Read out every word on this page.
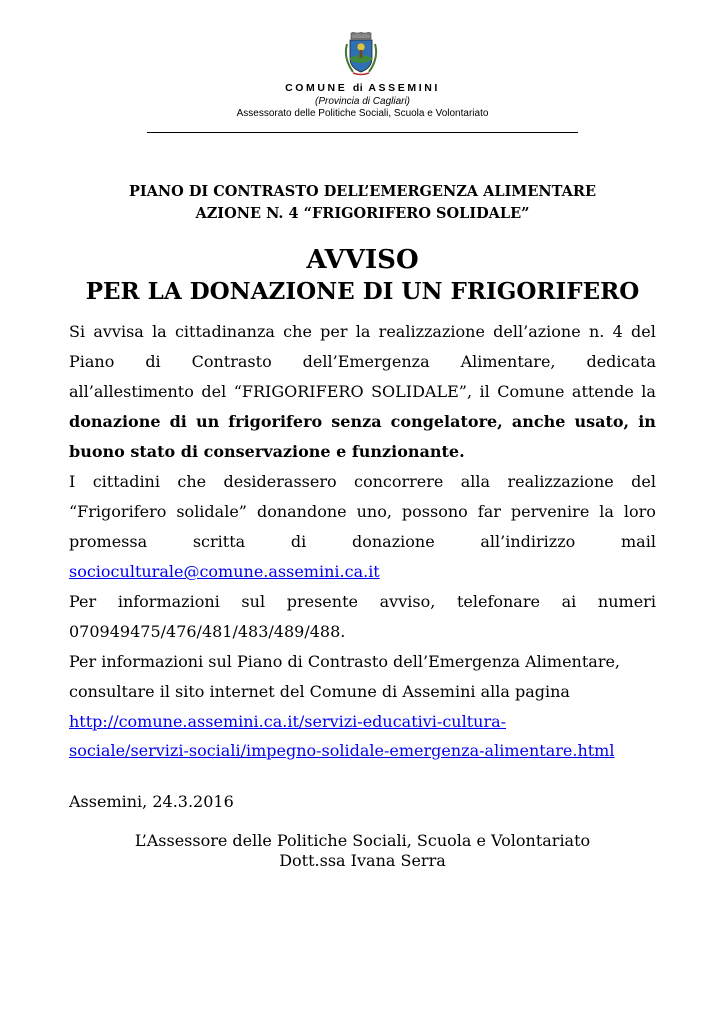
COMUNE di ASSEMINI
(Provincia di Cagliari)
Assessorato delle Politiche Sociali, Scuola e Volontariato
PIANO DI CONTRASTO DELL’EMERGENZA ALIMENTARE
AZIONE N. 4 “FRIGORIFERO SOLIDALE”
AVVISO
PER LA DONAZIONE DI UN FRIGORIFERO
Si avvisa la cittadinanza che per la realizzazione dell’azione n. 4 del
Piano di Contrasto dell’Emergenza Alimentare, dedicata
all’allestimento del “FRIGORIFERO SOLIDALE”, il Comune attende la
donazione di un frigorifero senza congelatore, anche usato, in
buono stato di conservazione e funzionante.
I cittadini che desiderassero concorrere alla realizzazione del
“Frigorifero solidale” donandone uno, possono far pervenire la loro
promessa	scritta	di	donazione	all’indirizzo	mail
socioculturale@comune.assemini.ca.it
Per informazioni sul presente avviso, telefonare ai numeri
070949475/476/481/483/489/488.
Per informazioni sul Piano di Contrasto dell’Emergenza Alimentare,
consultare il sito internet del Comune di Assemini alla pagina
http://comune.assemini.ca.it/servizi-educativi-cultura-
sociale/servizi-sociali/impegno-solidale-emergenza-alimentare.html
Assemini, 24.3.2016
L’Assessore delle Politiche Sociali, Scuola e Volontariato
Dott.ssa Ivana Serra
